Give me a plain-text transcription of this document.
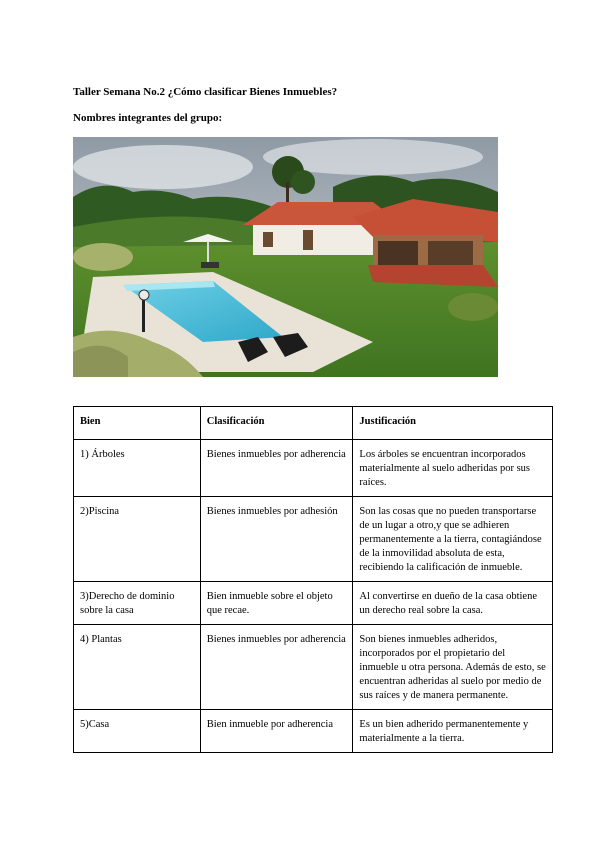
Taller Semana No.2 ¿Cómo clasificar Bienes Inmuebles?
Nombres integrantes del grupo:
Bien	Clasificación	Justificación
1) Árboles	Bienes inmuebles por adherencia	Los árboles se encuentran incorporados materialmente al suelo adheridas por sus raíces.
2)Piscina	Bienes inmuebles por adhesión	Son las cosas que no pueden transportarse de un lugar a otro,y que se adhieren permanentemente a la tierra, contagiándose de la inmovilidad absoluta de esta, recibiendo la calificación de inmueble.
3)Derecho de dominio sobre la casa	Bien inmueble sobre el objeto que recae.	Al convertirse en dueño de la casa obtiene un derecho real sobre la casa.
4) Plantas	Bienes inmuebles por adherencia	Son bienes inmuebles adheridos, incorporados por el propietario del inmueble u otra persona. Además de esto, se encuentran adheridas al suelo por medio de sus raíces y de manera permanente.
5)Casa	Bien inmueble por adherencia	Es un bien adherido permanentemente y materialmente a la tierra.
